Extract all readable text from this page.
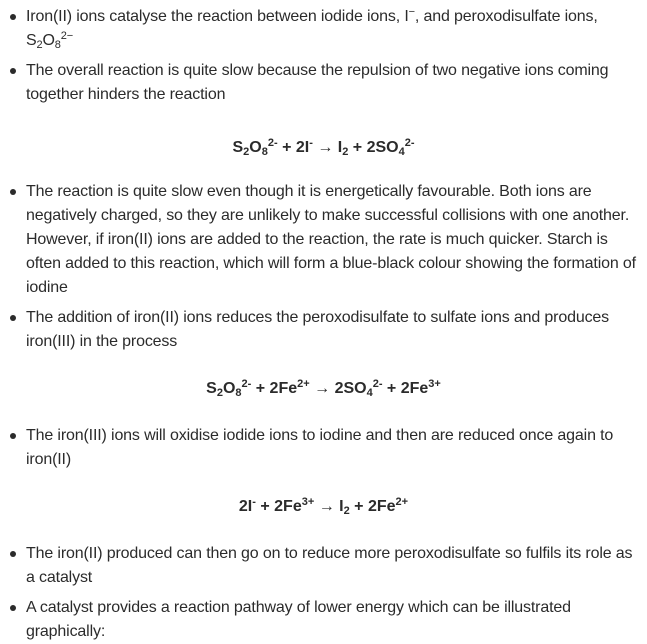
Iron(II) ions catalyse the reaction between iodide ions, I−, and peroxodisulfate ions,
$S_2O_8^{2-}$
The overall reaction is quite slow because the repulsion of two negative ions coming together hinders the reaction
$S_2O_8^{2-} + 2I^- \to I_2 + 2SO_4^{2-}$
The reaction is quite slow even though it is energetically favourable. Both ions are negatively charged, so they are unlikely to make successful collisions with one another. However, if iron(II) ions are added to the reaction, the rate is much quicker. Starch is often added to this reaction, which will form a blue-black colour showing the formation of iodine
The addition of iron(II) ions reduces the peroxodisulfate to sulfate ions and produces iron(III) in the process
$S_2O_8^{2-} + 2Fe^{2+} \to 2SO_4^{2-} + 2Fe^{3+}$
The iron(III) ions will oxidise iodide ions to iodine and then are reduced once again to iron(II)
$2I^- + 2Fe^{3+} \to I_2 + 2Fe^{2+}$
The iron(II) produced can then go on to reduce more peroxodisulfate so fulfils its role as a catalyst
A catalyst provides a reaction pathway of lower energy which can be illustrated graphically:
